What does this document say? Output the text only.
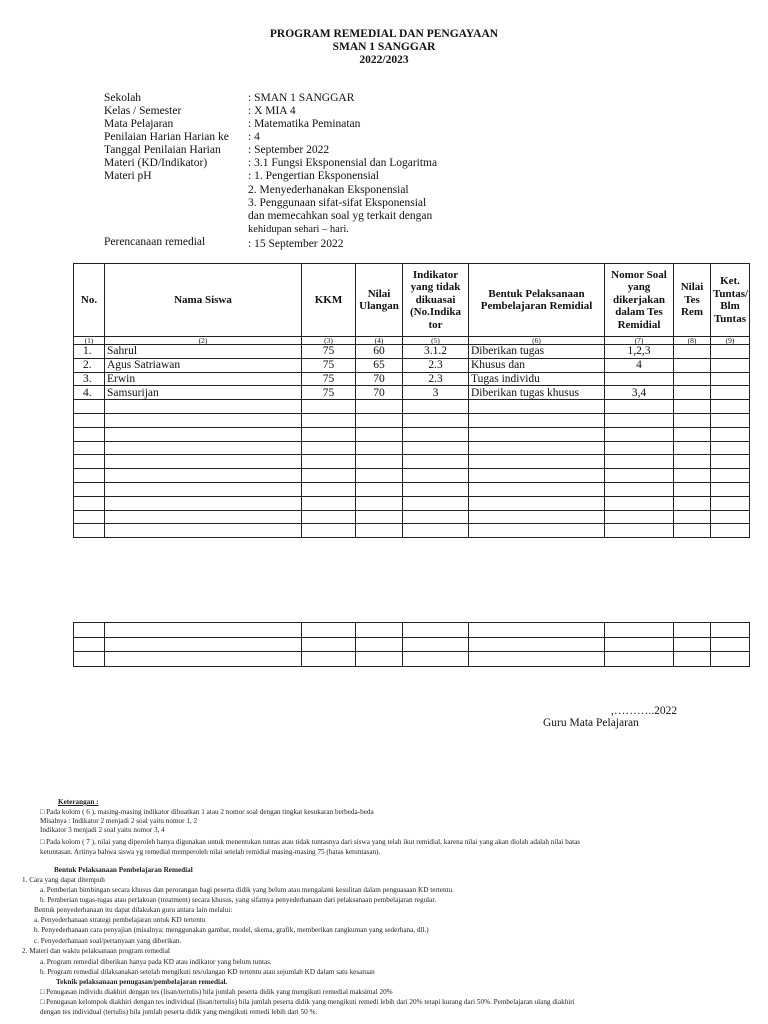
PROGRAM REMEDIAL DAN PENGAYAAN
SMAN 1 SANGGAR
2022/2023
Sekolah	: SMAN 1 SANGGAR
Kelas / Semester	: X MIA 4
Mata Pelajaran	: Matematika Peminatan
Penilaian Harian Harian ke : 4
Tanggal Penilaian Harian : September 2022
Materi (KD/Indikator)	: 3.1 Fungsi Eksponensial dan Logaritma
Materi pH	: 1. Pengertian Eksponensial
2. Menyederhanakan Eksponensial
3. Penggunaan sifat-sifat Eksponensial
dan memecahkan soal yg terkait dengan
kehidupan sehari – hari.
Perencanaan remedial	: 15 September 2022
No.	Nama Siswa	KKM	Nilai Ulangan	Indikator yang tidak dikuasai (No.Indika tor	Bentuk Pelaksanaan Pembelajaran Remidial	Nomor Soal yang dikerjakan dalam Tes Remidial	Nilai Tes Rem	Ket. Tuntas/ Blm Tuntas
(1)	(2)	(3)	(4)	(5)	(6)	(7)	(8)	(9)
1.	Sahrul	75	60	3.1.2	Diberikan tugas	1,2,3		
2.	Agus Satriawan	75	65	2.3	Khusus dan	4		
3.	Erwin	75	70	2.3	Tugas individu			
4.	Samsurijan	75	70	3	Diberikan tugas khusus	3,4		

,………..2022
Guru Mata Pelajaran
Keterangan :
□ Pada kolom ( 6 ), masing-masing indikator dibuatkan 1 atau 2 nomor soal dengan tingkat kesukaran berbeda-beda
Misalnya : Indikator 2 menjadi 2 soal yaitu nomor 1, 2
Indikator 3 menjadi 2 soal yaitu nomor 3, 4
□ Pada kolom ( 7 ), nilai yang diperoleh hanya digunakan untuk menentukan tuntas atau tidak tuntasnya dari siswa yang telah ikut remidial, karena nilai yang akan diolah adalah nilai batas
ketuntasan. Artinya bahwa siswa yg remedial memperoleh nilai setelah remidial masing-masing 75 (batas ketuntasan).
Bentuk Pelaksanaan Pembelajaran Remedial
1. Cara yang dapat ditempuh
a. Pemberian bimbingan secara khusus dan perorangan bagi peserta didik yang belum atau mengalami kesulitan dalam penguasaan KD tertentu.
b. Pemberian tugas-tugas atau perlakuan (treatment) secara khusus, yang sifatnya penyederhanaan dari pelaksanaan pembelajaran regular.
Bentuk penyederhanaan itu dapat dilakukan guru antara lain melalui:
a. Penyederhanaan strategi pembelajaran untuk KD tertentu
b. Penyederhanaan cara penyajian (misalnya: menggunakan gambar, model, skema, grafik, memberikan rangkuman yang sederhana, dll.)
c. Penyederhanaan soal/pertanyaan yang diberikan.
2. Materi dan waktu pelaksanaan program remedial
a. Program remedial diberikan hanya pada KD atau indikator yang belum tuntas.
b. Program remedial dilaksanakan setelah mengikuti tes/ulangan KD tertentu atau sejumlah KD dalam satu kesatuan
Teknik pelaksanaan penugasan/pembelajaran remedial.
□ Penugasan individu diakhiri dengan tes (lisan/tertulis) bila jumlah peserta didik yang mengikuti remedial maksimal 20%
□ Penugasan kelompok diakhiri dengan tes individual (lisan/tertulis) bila jumlah peserta didik yang mengikuti remedi lebih dari 20% tetapi kurang dari 50%. Pembelajaran ulang diakhiri
dengan tes individual (tertulis) bila jumlah peserta didik yang mengikuti remedi lebih dari 50 %.
